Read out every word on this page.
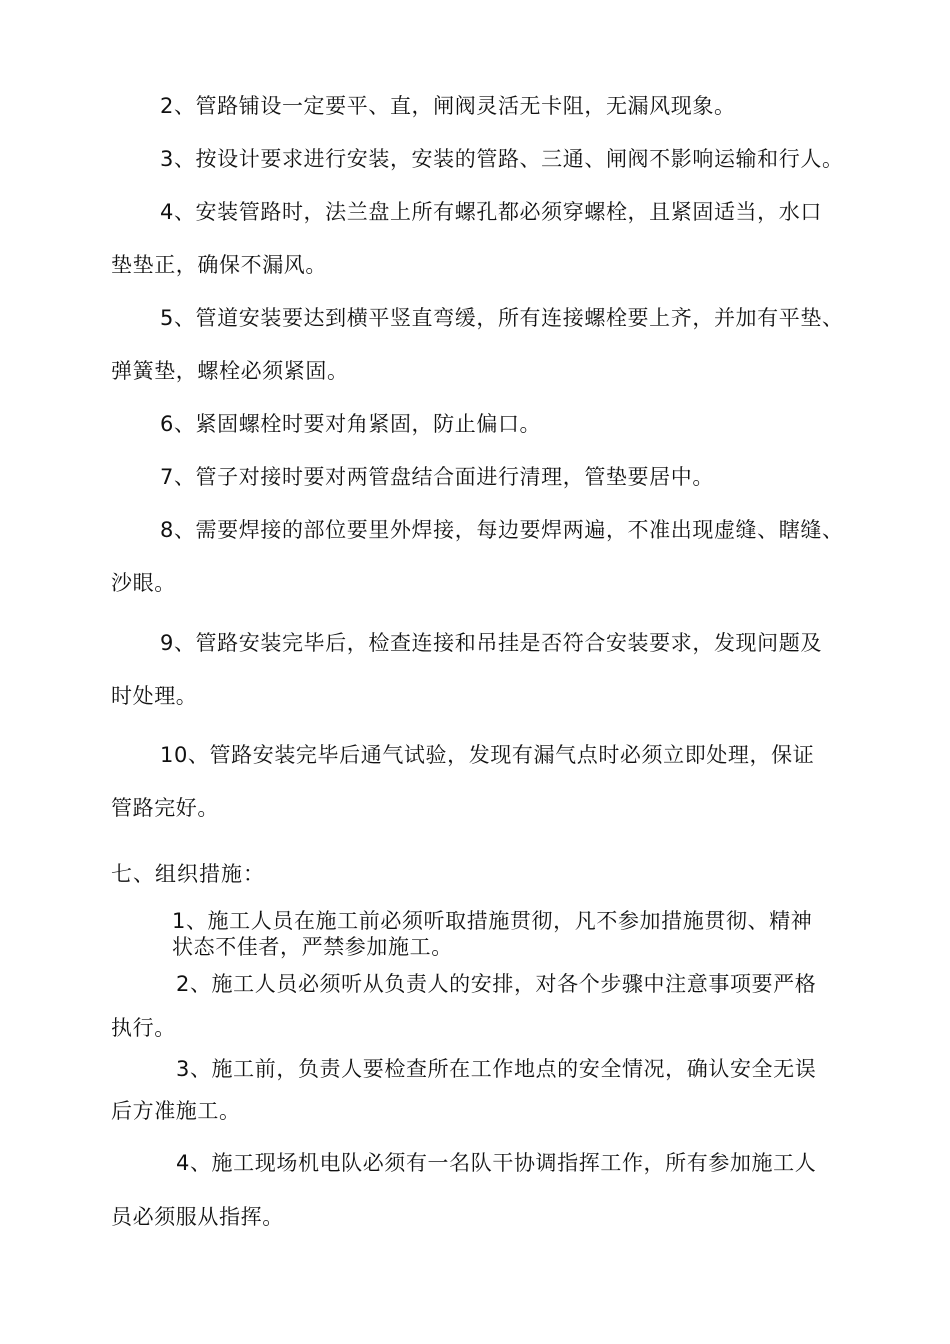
2、管路铺设一定要平、直，闸阀灵活无卡阻，无漏风现象。
3、按设计要求进行安装，安装的管路、三通、闸阀不影响运输和行人。
4、安装管路时，法兰盘上所有螺孔都必须穿螺栓，且紧固适当，水口
垫垫正，确保不漏风。
5、管道安装要达到横平竖直弯缓，所有连接螺栓要上齐，并加有平垫、
弹簧垫，螺栓必须紧固。
6、紧固螺栓时要对角紧固，防止偏口。
7、管子对接时要对两管盘结合面进行清理，管垫要居中。
8、需要焊接的部位要里外焊接，每边要焊两遍，不准出现虚缝、瞎缝、
沙眼。
9、管路安装完毕后，检查连接和吊挂是否符合安装要求，发现问题及
时处理。
10、管路安装完毕后通气试验，发现有漏气点时必须立即处理，保证
管路完好。
七、组织措施：
1、施工人员在施工前必须听取措施贯彻，凡不参加措施贯彻、精神
状态不佳者，严禁参加施工。
2、施工人员必须听从负责人的安排，对各个步骤中注意事项要严格
执行。
3、施工前，负责人要检查所在工作地点的安全情况，确认安全无误
后方准施工。
4、施工现场机电队必须有一名队干协调指挥工作，所有参加施工人
员必须服从指挥。
